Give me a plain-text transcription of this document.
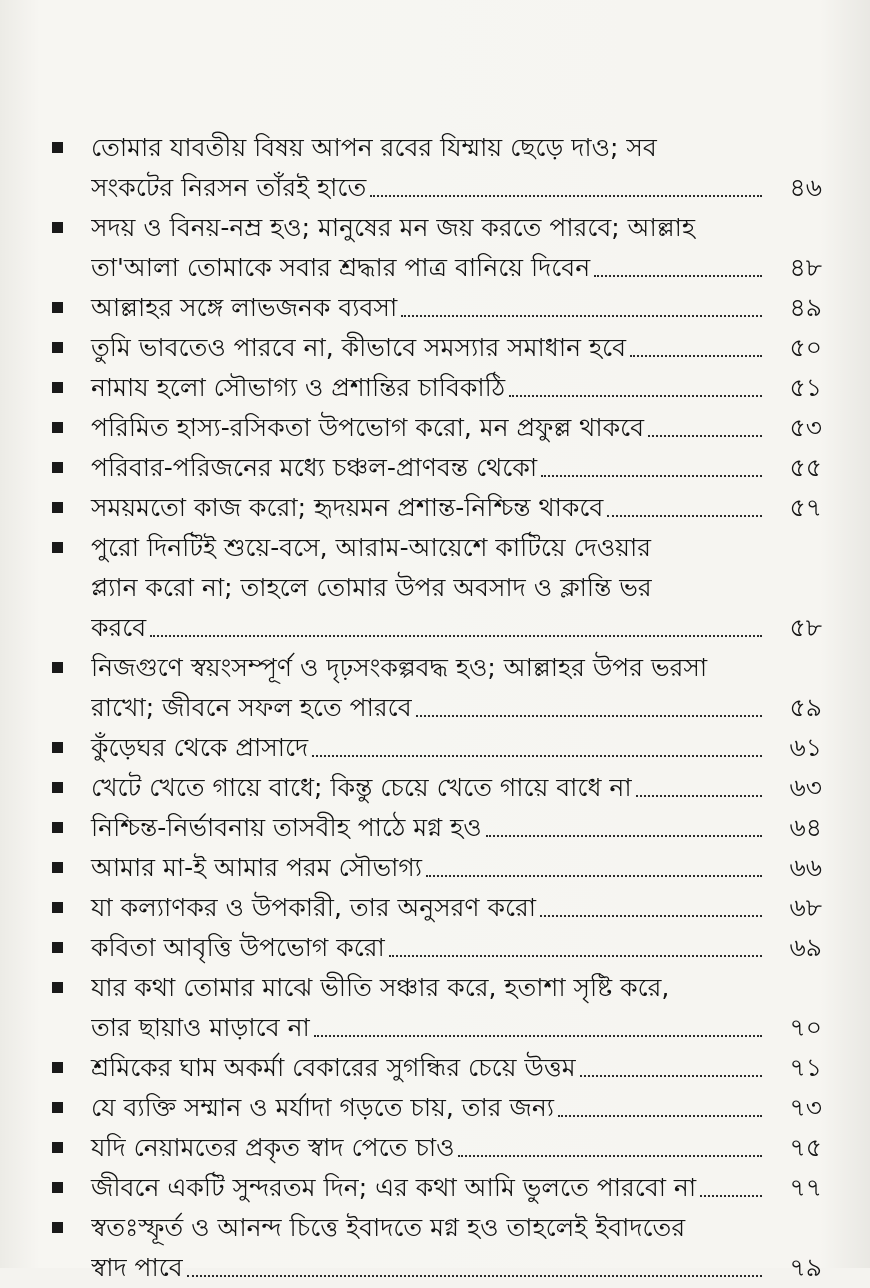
তোমার যাবতীয় বিষয় আপন রবের যিম্মায় ছেড়ে দাও; সব
সংকটের নিরসন তাঁরই হাতে	৪৬
সদয় ও বিনয়-নম্র হও; মানুষের মন জয় করতে পারবে; আল্লাহ
তা'আলা তোমাকে সবার শ্রদ্ধার পাত্র বানিয়ে দিবেন	৪৮
আল্লাহর সঙ্গে লাভজনক ব্যবসা	৪৯
তুমি ভাবতেও পারবে না, কীভাবে সমস্যার সমাধান হবে	৫০
নামায হলো সৌভাগ্য ও প্রশান্তির চাবিকাঠি	৫১
পরিমিত হাস্য-রসিকতা উপভোগ করো, মন প্রফুল্ল থাকবে	৫৩
পরিবার-পরিজনের মধ্যে চঞ্চল-প্রাণবন্ত থেকো	৫৫
সময়মতো কাজ করো; হৃদয়মন প্রশান্ত-নিশ্চিন্ত থাকবে	৫৭
পুরো দিনটিই শুয়ে-বসে, আরাম-আয়েশে কাটিয়ে দেওয়ার
প্ল্যান করো না; তাহলে তোমার উপর অবসাদ ও ক্লান্তি ভর
করবে	৫৮
নিজগুণে স্বয়ংসম্পূর্ণ ও দৃঢ়সংকল্পবদ্ধ হও; আল্লাহর উপর ভরসা
রাখো; জীবনে সফল হতে পারবে	৫৯
কুঁড়েঘর থেকে প্রাসাদে	৬১
খেটে খেতে গায়ে বাধে; কিন্তু চেয়ে খেতে গায়ে বাধে না	৬৩
নিশ্চিন্ত-নির্ভাবনায় তাসবীহ পাঠে মগ্ন হও	৬৪
আমার মা-ই আমার পরম সৌভাগ্য	৬৬
যা কল্যাণকর ও উপকারী, তার অনুসরণ করো	৬৮
কবিতা আবৃত্তি উপভোগ করো	৬৯
যার কথা তোমার মাঝে ভীতি সঞ্চার করে, হতাশা সৃষ্টি করে,
তার ছায়াও মাড়াবে না	৭০
শ্রমিকের ঘাম অকর্মা বেকারের সুগন্ধির চেয়ে উত্তম	৭১
যে ব্যক্তি সম্মান ও মর্যাদা গড়তে চায়, তার জন্য	৭৩
যদি নেয়ামতের প্রকৃত স্বাদ পেতে চাও	৭৫
জীবনে একটি সুন্দরতম দিন; এর কথা আমি ভুলতে পারবো না	৭৭
স্বতঃস্ফূর্ত ও আনন্দ চিত্তে ইবাদতে মগ্ন হও তাহলেই ইবাদতের
স্বাদ পাবে	৭৯
